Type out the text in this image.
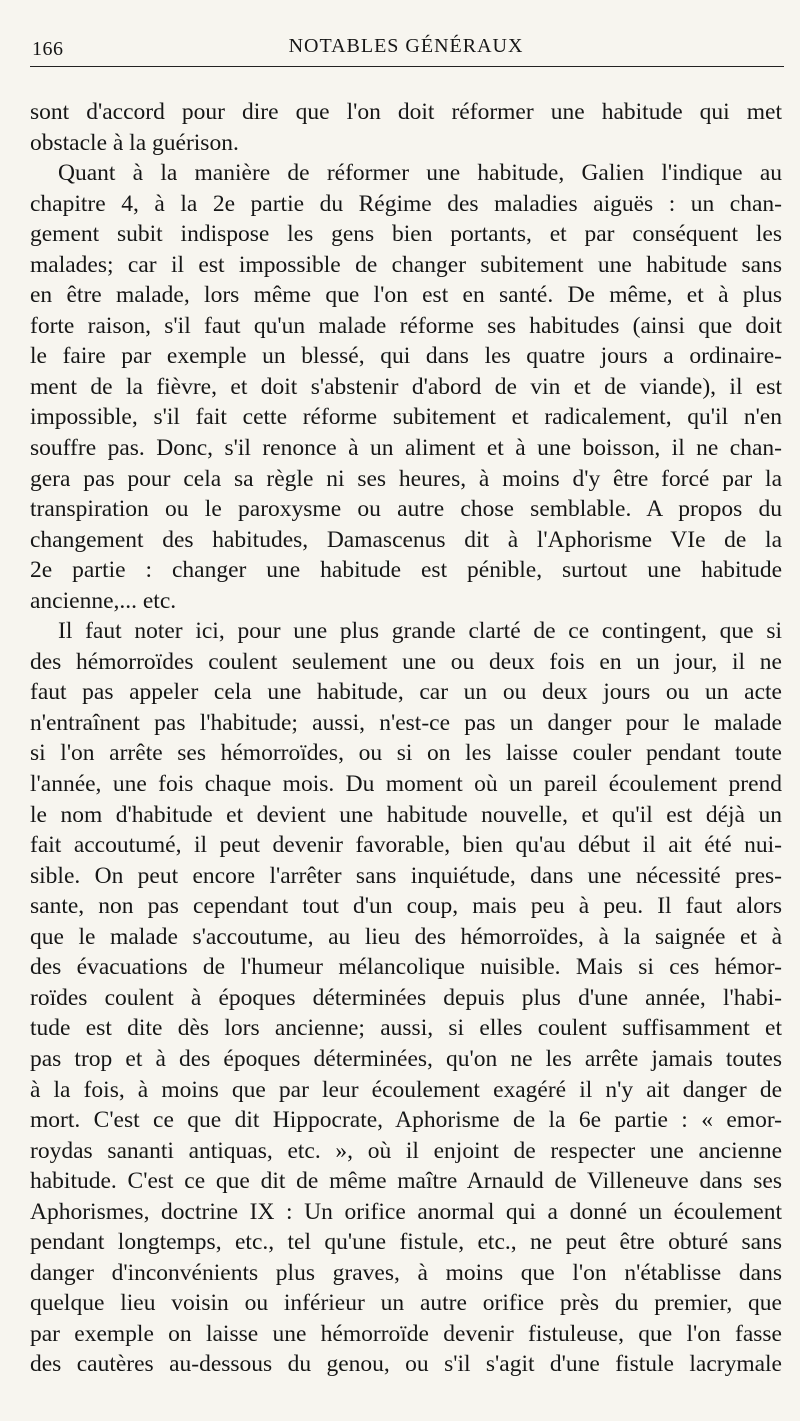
166	NOTABLES GÉNÉRAUX
sont d'accord pour dire que l'on doit réformer une habitude qui met
obstacle à la guérison.
Quant à la manière de réformer une habitude, Galien l'indique au
chapitre 4, à la 2e partie du Régime des maladies aiguës : un chan-
gement subit indispose les gens bien portants, et par conséquent les
malades; car il est impossible de changer subitement une habitude sans
en être malade, lors même que l'on est en santé. De même, et à plus
forte raison, s'il faut qu'un malade réforme ses habitudes (ainsi que doit
le faire par exemple un blessé, qui dans les quatre jours a ordinaire-
ment de la fièvre, et doit s'abstenir d'abord de vin et de viande), il est
impossible, s'il fait cette réforme subitement et radicalement, qu'il n'en
souffre pas. Donc, s'il renonce à un aliment et à une boisson, il ne chan-
gera pas pour cela sa règle ni ses heures, à moins d'y être forcé par la
transpiration ou le paroxysme ou autre chose semblable. A propos du
changement des habitudes, Damascenus dit à l'Aphorisme VIe de la
2e partie : changer une habitude est pénible, surtout une habitude
ancienne,... etc.
Il faut noter ici, pour une plus grande clarté de ce contingent, que si
des hémorroïdes coulent seulement une ou deux fois en un jour, il ne
faut pas appeler cela une habitude, car un ou deux jours ou un acte
n'entraînent pas l'habitude; aussi, n'est-ce pas un danger pour le malade
si l'on arrête ses hémorroïdes, ou si on les laisse couler pendant toute
l'année, une fois chaque mois. Du moment où un pareil écoulement prend
le nom d'habitude et devient une habitude nouvelle, et qu'il est déjà un
fait accoutumé, il peut devenir favorable, bien qu'au début il ait été nui-
sible. On peut encore l'arrêter sans inquiétude, dans une nécessité pres-
sante, non pas cependant tout d'un coup, mais peu à peu. Il faut alors
que le malade s'accoutume, au lieu des hémorroïdes, à la saignée et à
des évacuations de l'humeur mélancolique nuisible. Mais si ces hémor-
roïdes coulent à époques déterminées depuis plus d'une année, l'habi-
tude est dite dès lors ancienne; aussi, si elles coulent suffisamment et
pas trop et à des époques déterminées, qu'on ne les arrête jamais toutes
à la fois, à moins que par leur écoulement exagéré il n'y ait danger de
mort. C'est ce que dit Hippocrate, Aphorisme de la 6e partie : « emor-
roydas sananti antiquas, etc. », où il enjoint de respecter une ancienne
habitude. C'est ce que dit de même maître Arnauld de Villeneuve dans ses
Aphorismes, doctrine IX : Un orifice anormal qui a donné un écoulement
pendant longtemps, etc., tel qu'une fistule, etc., ne peut être obturé sans
danger d'inconvénients plus graves, à moins que l'on n'établisse dans
quelque lieu voisin ou inférieur un autre orifice près du premier, que
par exemple on laisse une hémorroïde devenir fistuleuse, que l'on fasse
des cautères au-dessous du genou, ou s'il s'agit d'une fistule lacrymale
